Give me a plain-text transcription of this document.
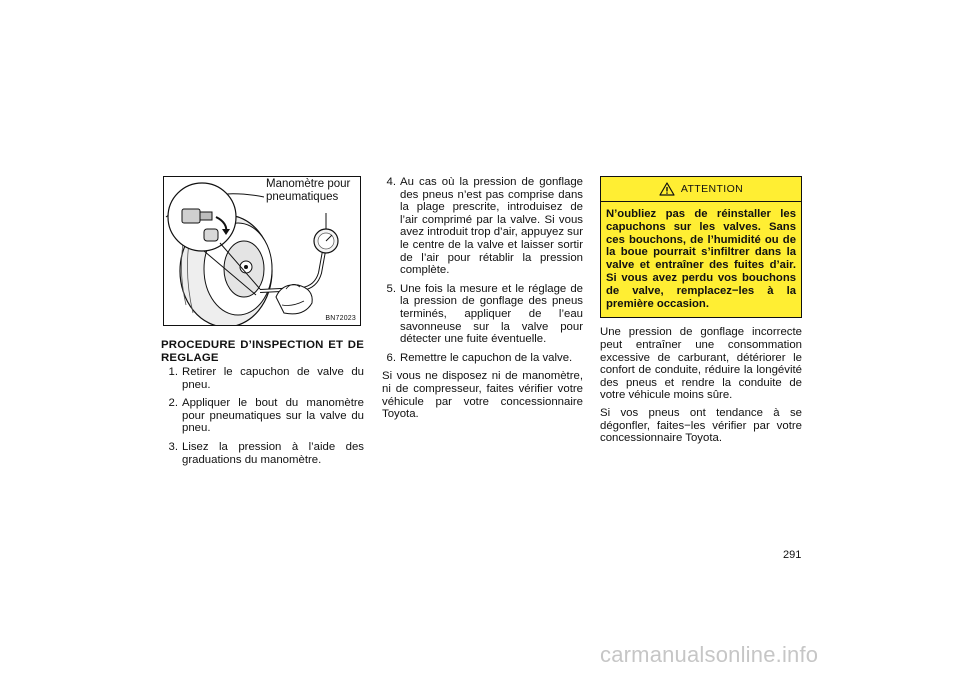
Manomètre pour
pneumatiques
BN72023
PROCEDURE D’INSPECTION ET DE REGLAGE
1. Retirer le capuchon de valve du pneu.
2. Appliquer le bout du manomètre pour pneumatiques sur la valve du pneu.
3. Lisez la pression à l’aide des graduations du manomètre.
4. Au cas où la pression de gonflage des pneus n’est pas comprise dans la plage prescrite, introduisez de l’air comprimé par la valve. Si vous avez introduit trop d’air, appuyez sur le centre de la valve et laisser sortir de l’air pour rétablir la pression complète.
5. Une fois la mesure et le réglage de la pression de gonflage des pneus terminés, appliquer de l’eau savonneuse sur la valve pour détecter une fuite éventuelle.
6. Remettre le capuchon de la valve.

Si vous ne disposez ni de manomètre, ni de compresseur, faites vérifier votre véhicule par votre concessionnaire Toyota.

ATTENTION
N’oubliez pas de réinstaller les capuchons sur les valves. Sans ces bouchons, de l’humidité ou de la boue pourrait s’infiltrer dans la valve et entraîner des fuites d’air. Si vous avez perdu vos bouchons de valve, remplacez−les à la première occasion.

Une pression de gonflage incorrecte peut entraîner une consommation excessive de carburant, détériorer le confort de conduite, réduire la longévité des pneus et rendre la conduite de votre véhicule moins sûre.

Si vos pneus ont tendance à se dégonfler, faites−les vérifier par votre concessionnaire Toyota.

291
carmanualsonline.info
